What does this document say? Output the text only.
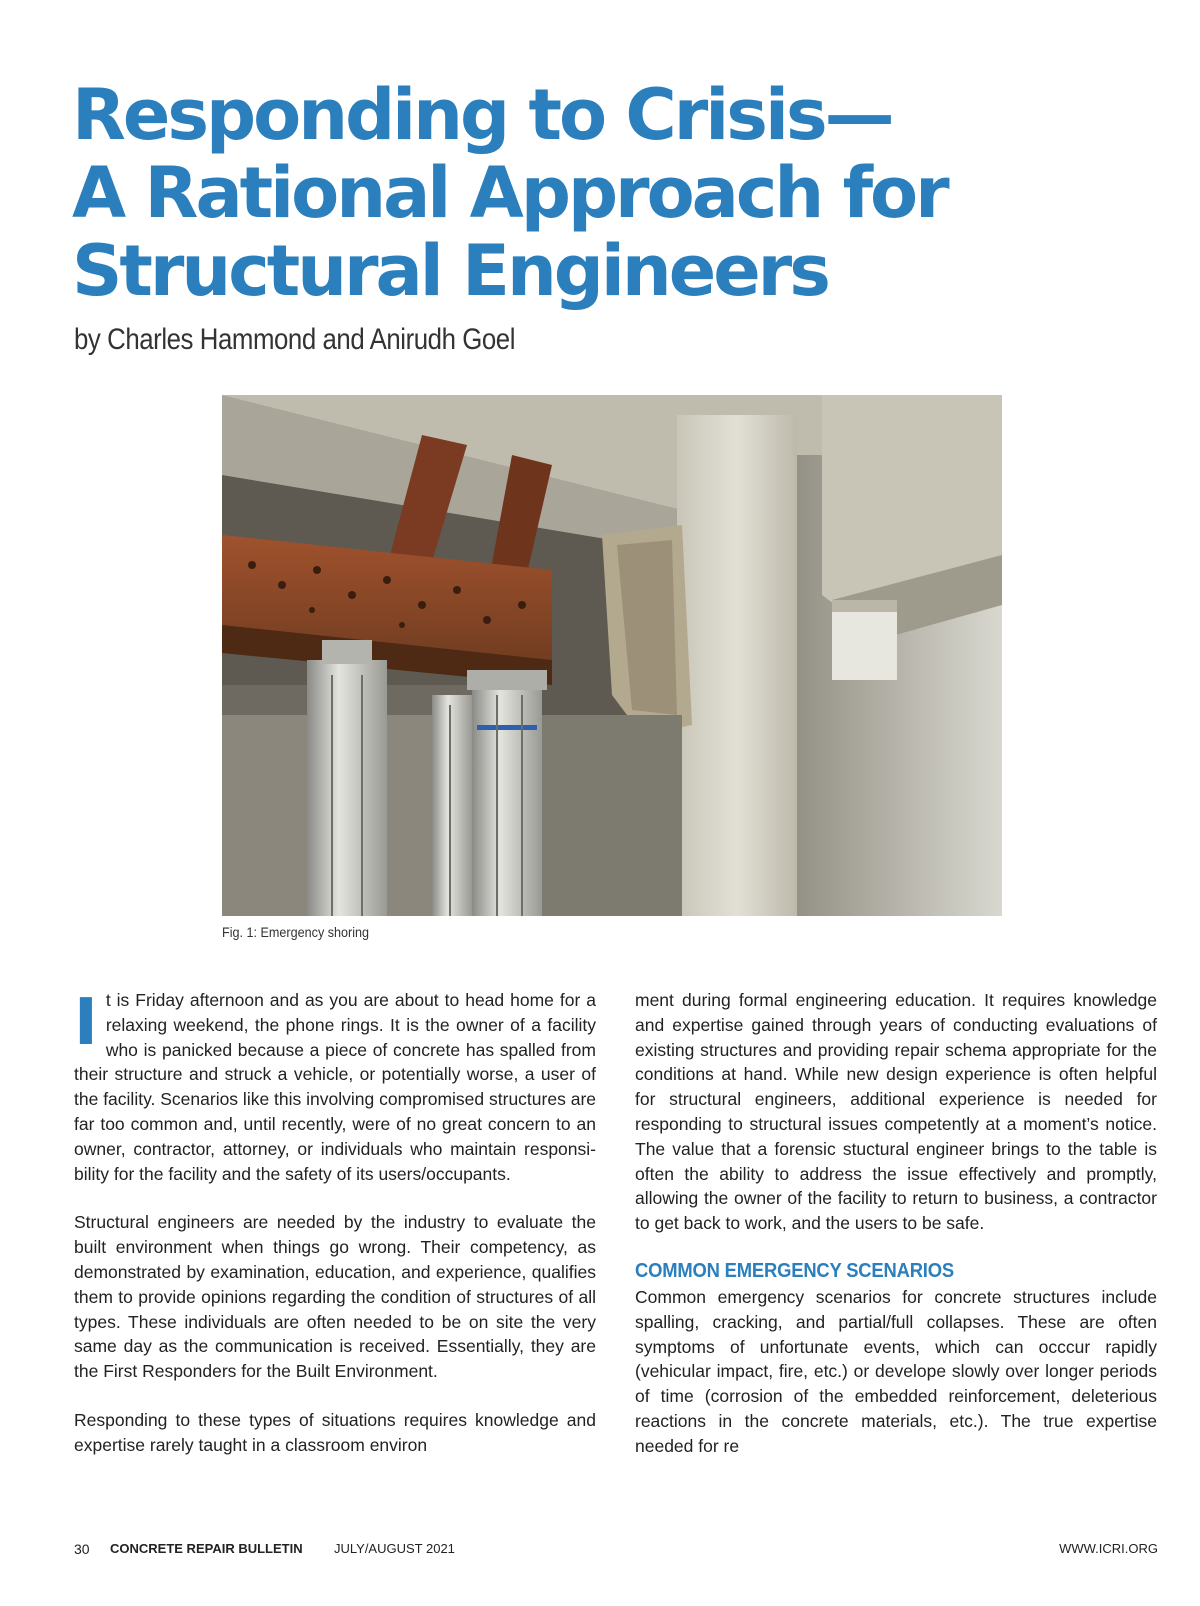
Responding to Crisis—
A Rational Approach for
Structural Engineers
by Charles Hammond and Anirudh Goel
Fig. 1: Emergency shoring

It is Friday afternoon and as you are about to head home for a relaxing weekend, the phone rings. It is the owner of a facility who is panicked because a piece of concrete has spalled from their structure and struck a vehicle, or potentially worse, a user of the facility. Scenarios like this involving compromised structures are far too common and, until recently, were of no great concern to an owner, contractor, attorney, or individuals who maintain responsibility for the facility and the safety of its users/occupants.

Structural engineers are needed by the industry to evaluate the built environment when things go wrong. Their competency, as demonstrated by examination, education, and experience, qualifies them to provide opinions regarding the condition of structures of all types. These individuals are often needed to be on site the very same day as the communication is received. Essentially, they are the First Responders for the Built Environment.

Responding to these types of situations requires knowledge and expertise rarely taught in a classroom environ

ment during formal engineering education. It requires knowledge and expertise gained through years of conducting evaluations of existing structures and providing repair schema appropriate for the conditions at hand. While new design experience is often helpful for structural engineers, additional experience is needed for responding to structural issues competently at a moment’s notice. The value that a forensic stuctural engineer brings to the table is often the ability to address the issue effectively and promptly, allowing the owner of the facility to return to business, a contractor to get back to work, and the users to be safe.

COMMON EMERGENCY SCENARIOS

Common emergency scenarios for concrete structures include spalling, cracking, and partial/full collapses. These are often symptoms of unfortunate events, which can occcur rapidly (vehicular impact, fire, etc.) or develope slowly over longer periods of time (corrosion of the embedded reinforcement, deleterious reactions in the concrete materials, etc.). The true expertise needed for re

30 CONCRETE REPAIR BULLETIN JULY/AUGUST 2021	WWW.ICRI.ORG
